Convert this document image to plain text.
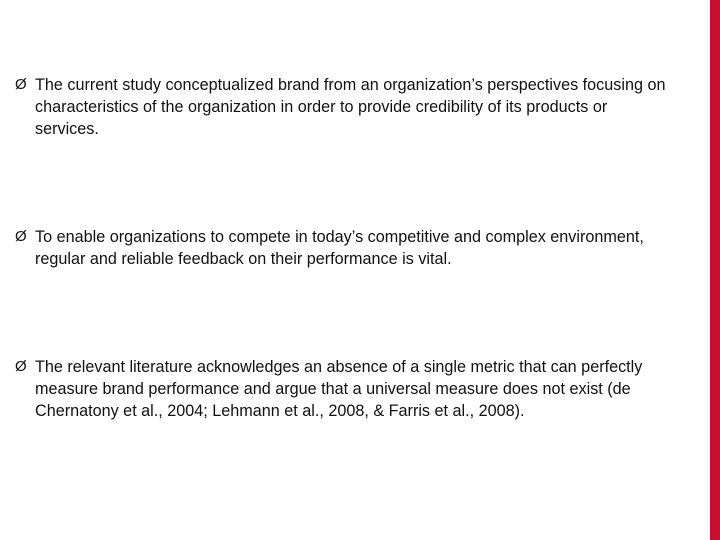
Ø The current study conceptualized brand from an organization’s perspectives focusing on characteristics of the organization in order to provide credibility of its products or services.
Ø To enable organizations to compete in today’s competitive and complex environment, regular and reliable feedback on their performance is vital.
Ø The relevant literature acknowledges an absence of a single metric that can perfectly measure brand performance and argue that a universal measure does not exist (de Chernatony et al., 2004; Lehmann et al., 2008, & Farris et al., 2008).
